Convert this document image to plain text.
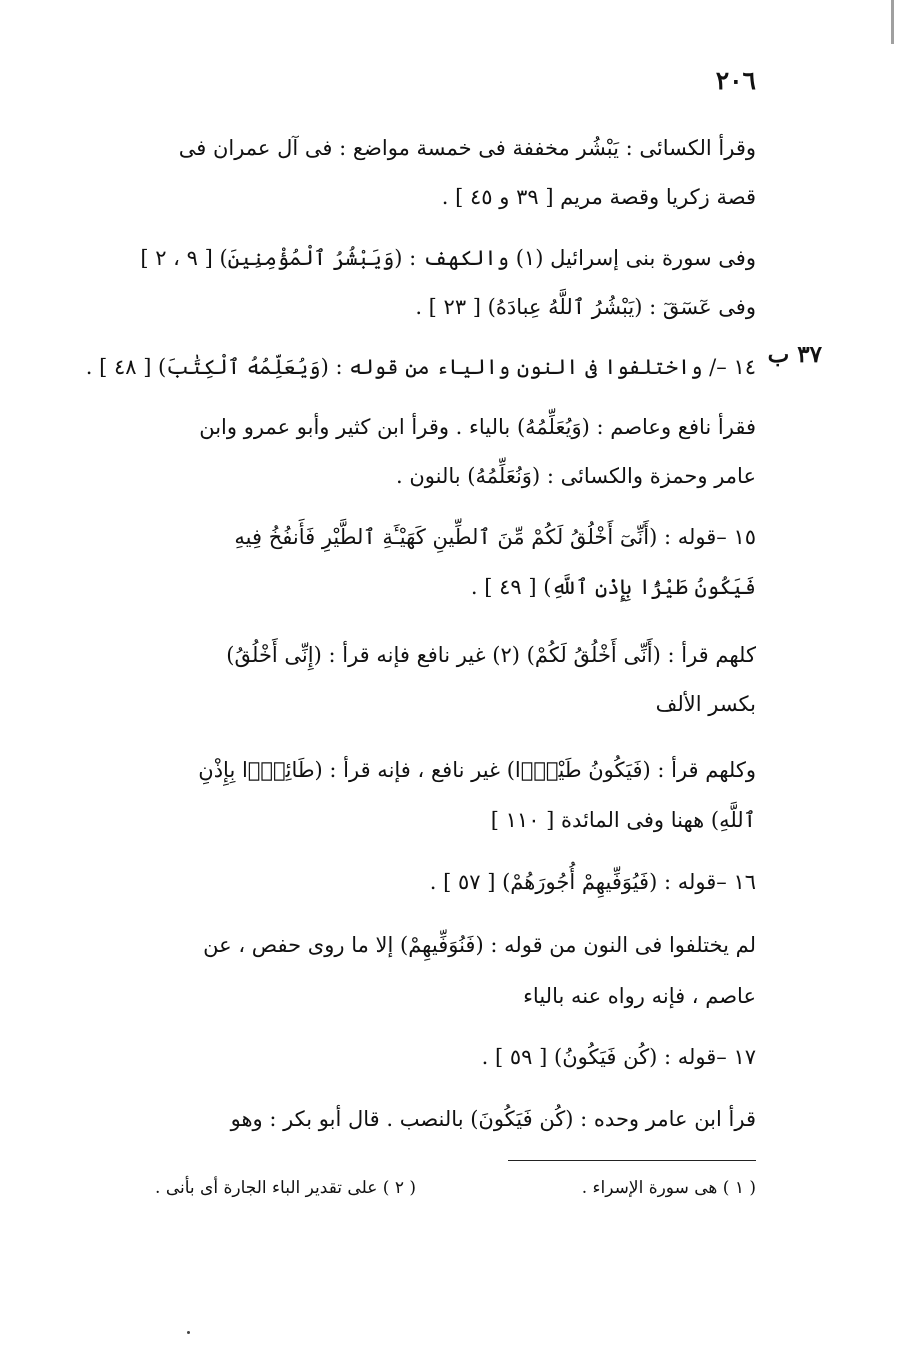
٢٠٦
٣٧ ب
وقرأ الكسائى : يَبْشُر مخففة فى خمسة مواضع : فى آل عمران فى
قصة زكريا وقصة مريم [ ٣٩ و ٤٥ ] .
وفى سورة بنى إسرائيل (١) والكهف : (وَيَبْشُرُ ٱلْمُؤْمِنِينَ) [ ٩ ، ٢ ]
وفى عٓسٓقٓ : (يَبْشُرُ ٱللَّهُ عِبادَهُ) [ ٢٣ ] .
١٤ –/ واختلفوا فى النون والياء من قوله : (وَيُعَلِّمُهُ ٱلْكِتَٰبَ) [ ٤٨ ] .
فقرأ نافع وعاصم : (وَيُعَلِّمُهُ) بالياء . وقرأ ابن كثير وأبو عمرو وابن
عامر وحمزة والكسائى : (وَنُعَلِّمُهُ) بالنون .
١٥ –قوله : (أَنِّىٓ أَخْلُقُ لَكُمْ مِّنَ ٱلطِّينِ كَهَيْـَٔةِ ٱلطَّيْرِ فَأَنفُخُ فِيهِ
فَيَكُونُ طَيْرًۢا بِإِذْنِ ٱللَّهِ) [ ٤٩ ] .
كلهم قرأ : (أَنِّى أَخْلُقُ لَكُمْ) (٢) غير نافع فإنه قرأ : (إِنِّى أَخْلُقُ)
بكسر الألف
وكلهم قرأ : (فَيَكُونُ طَيْرًۢا) غير نافع ، فإنه قرأ : (طَائِرًۢا بِإِذْنِ
ٱللَّهِ) ههنا وفى المائدة [ ١١٠ ]
١٦ –قوله : (فَيُوَفِّيهِمْ أُجُورَهُمْ) [ ٥٧ ] .
لم يختلفوا فى النون من قوله : (فَنُوَفِّيهِمْ) إلا ما روى حفص ، عن
عاصم ، فإنه رواه عنه بالياء
١٧ –قوله : (كُن فَيَكُونُ) [ ٥٩ ] .
قرأ ابن عامر وحده : (كُن فَيَكُونَ) بالنصب . قال أبو بكر : وهو
( ١ ) هى سورة الإسراء .
( ٢ ) على تقدير الباء الجارة أى بأنى .
